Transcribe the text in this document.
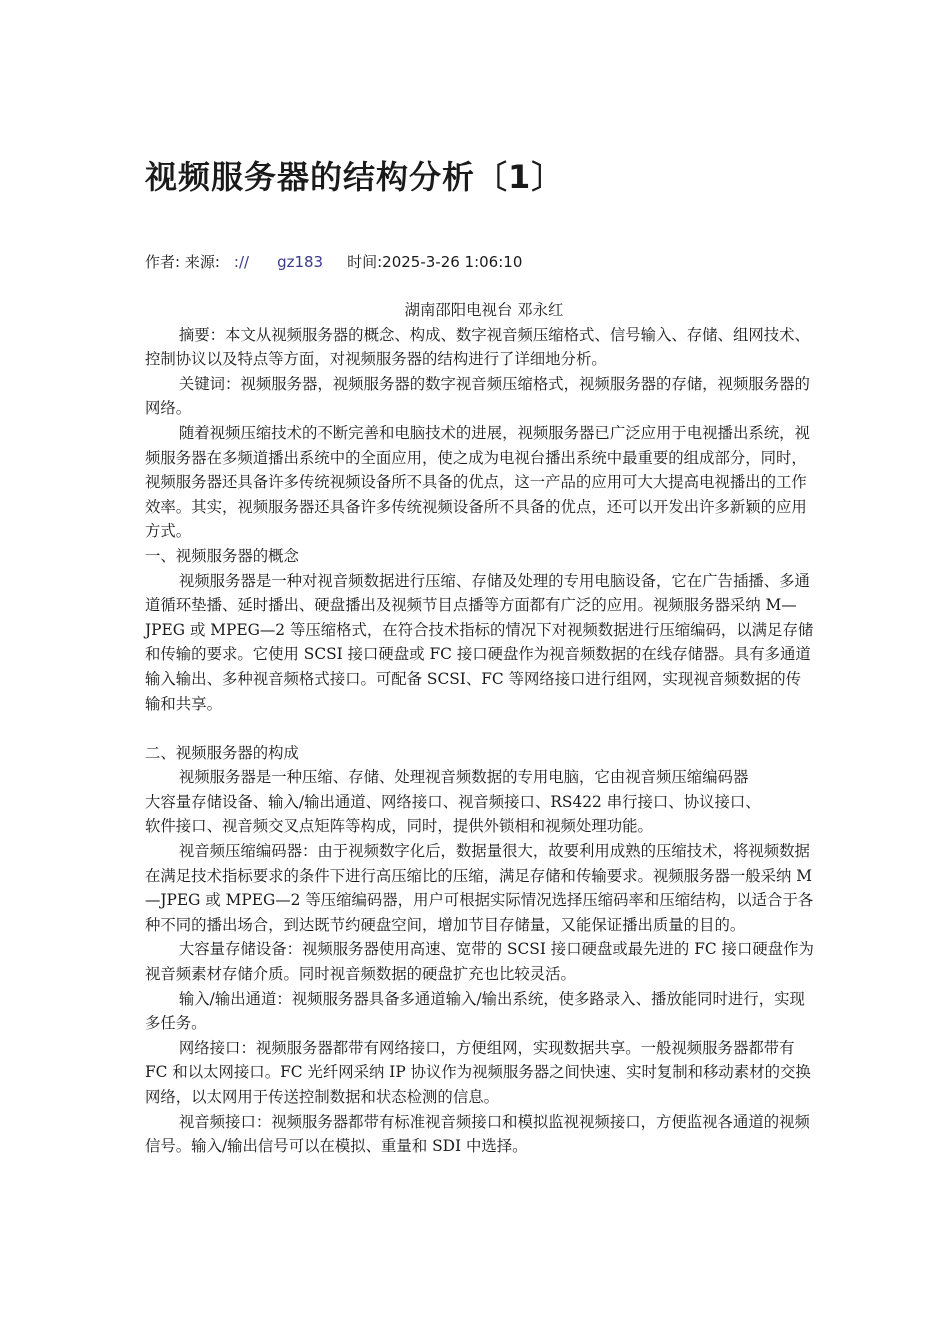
视频服务器的结构分析〔1〕
作者: 来源: :// gz183 时间:2025-3-26 1:06:10

湖南邵阳电视台 邓永红

摘要：本文从视频服务器的概念、构成、数字视音频压缩格式、信号输入、存储、组网技术、控制协议以及特点等方面，对视频服务器的结构进行了详细地分析。

关键词：视频服务器，视频服务器的数字视音频压缩格式，视频服务器的存储，视频服务器的网络。

随着视频压缩技术的不断完善和电脑技术的进展，视频服务器已广泛应用于电视播出系统，视频服务器在多频道播出系统中的全面应用，使之成为电视台播出系统中最重要的组成部分，同时，视频服务器还具备许多传统视频设备所不具备的优点，这一产品的应用可大大提高电视播出的工作效率。其实，视频服务器还具备许多传统视频设备所不具备的优点，还可以开发出许多新颖的应用方式。

一、视频服务器的概念

视频服务器是一种对视音频数据进行压缩、存储及处理的专用电脑设备，它在广告插播、多通道循环垫播、延时播出、硬盘播出及视频节目点播等方面都有广泛的应用。视频服务器采纳 M—JPEG 或 MPEG—2 等压缩格式，在符合技术指标的情况下对视频数据进行压缩编码，以满足存储和传输的要求。它使用 SCSI 接口硬盘或 FC 接口硬盘作为视音频数据的在线存储器。具有多通道输入输出、多种视音频格式接口。可配备 SCSI、FC 等网络接口进行组网，实现视音频数据的传输和共享。

二、视频服务器的构成

视频服务器是一种压缩、存储、处理视音频数据的专用电脑，它由视音频压缩编码器

大容量存储设备、输入/输出通道、网络接口、视音频接口、RS422 串行接口、协议接口、

软件接口、视音频交叉点矩阵等构成，同时，提供外锁相和视频处理功能。

视音频压缩编码器：由于视频数字化后，数据量很大，故要利用成熟的压缩技术，将视频数据在满足技术指标要求的条件下进行高压缩比的压缩，满足存储和传输要求。视频服务器一般采纳 M—JPEG 或 MPEG—2 等压缩编码器，用户可根据实际情况选择压缩码率和压缩结构，以适合于各种不同的播出场合，到达既节约硬盘空间，增加节目存储量，又能保证播出质量的目的。

大容量存储设备：视频服务器使用高速、宽带的 SCSI 接口硬盘或最先进的 FC 接口硬盘作为视音频素材存储介质。同时视音频数据的硬盘扩充也比较灵活。

输入/输出通道：视频服务器具备多通道输入/输出系统，使多路录入、播放能同时进行，实现多任务。

网络接口：视频服务器都带有网络接口，方便组网，实现数据共享。一般视频服务器都带有 FC 和以太网接口。FC 光纤网采纳 IP 协议作为视频服务器之间快速、实时复制和移动素材的交换网络，以太网用于传送控制数据和状态检测的信息。

视音频接口：视频服务器都带有标准视音频接口和模拟监视视频接口，方便监视各通道的视频信号。输入/输出信号可以在模拟、重量和 SDI 中选择。
